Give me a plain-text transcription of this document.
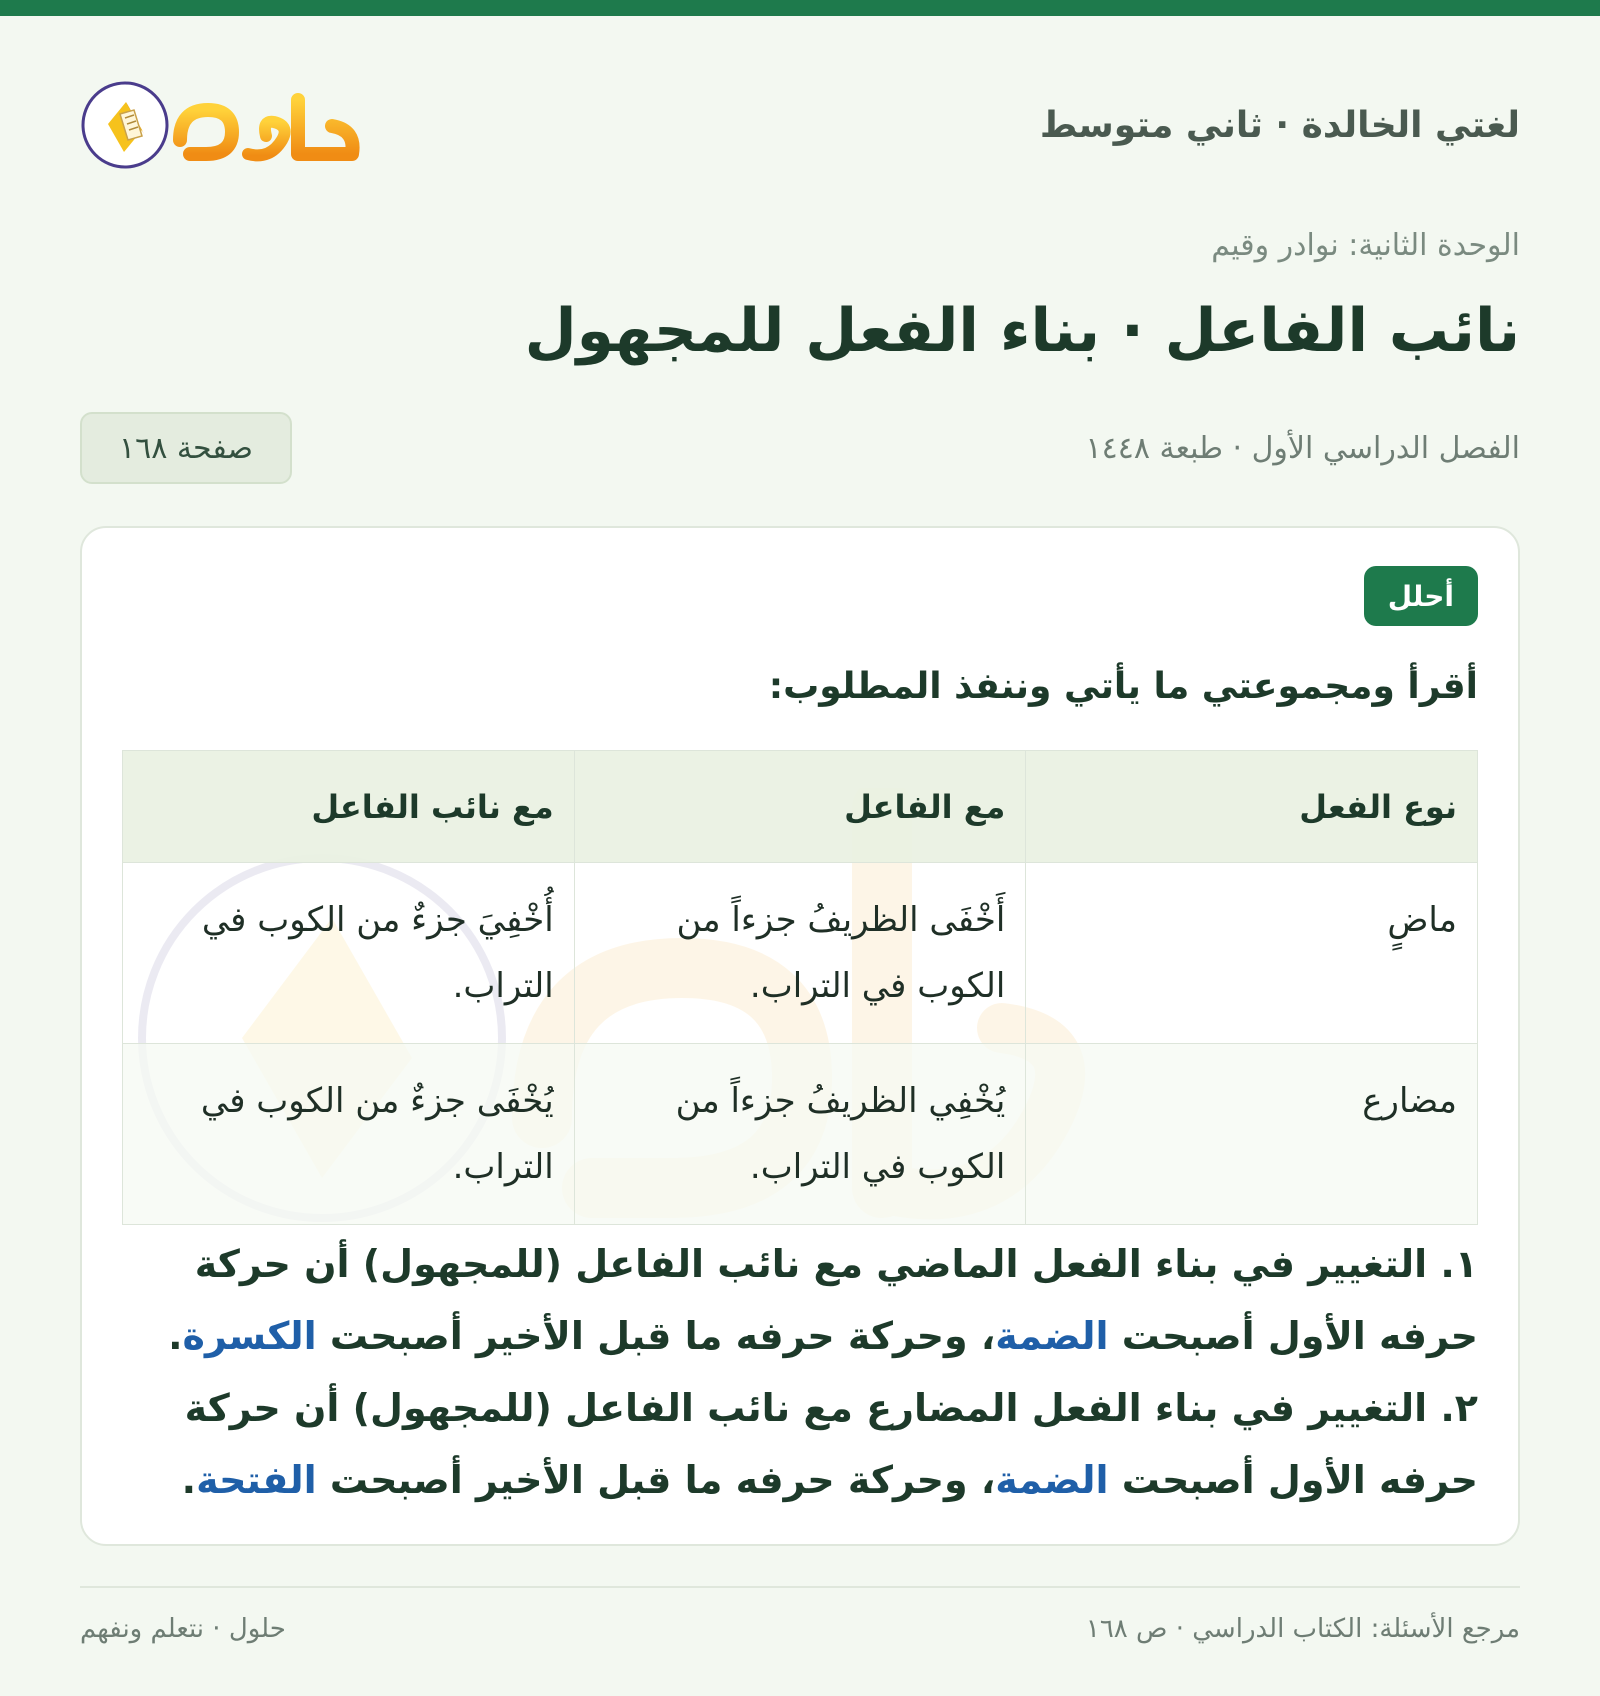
لغتي الخالدة · ثاني متوسط
الوحدة الثانية: نوادر وقيم
نائب الفاعل · بناء الفعل للمجهول
الفصل الدراسي الأول · طبعة ١٤٤٨
صفحة ١٦٨
أحلل
أقرأ ومجموعتي ما يأتي وننفذ المطلوب:
نوع الفعل	مع الفاعل	مع نائب الفاعل
ماضٍ	أَخْفَى الظريفُ جزءاً من الكوب في التراب.	أُخْفِيَ جزءٌ من الكوب في التراب.
مضارع	يُخْفِي الظريفُ جزءاً من الكوب في التراب.	يُخْفَى جزءٌ من الكوب في التراب.

١. التغيير في بناء الفعل الماضي مع نائب الفاعل (للمجهول) أن حركة حرفه الأول أصبحت الضمة، وحركة حرفه ما قبل الأخير أصبحت الكسرة.

٢. التغيير في بناء الفعل المضارع مع نائب الفاعل (للمجهول) أن حركة حرفه الأول أصبحت الضمة، وحركة حرفه ما قبل الأخير أصبحت الفتحة.

مرجع الأسئلة: الكتاب الدراسي · ص ١٦٨
حلول · نتعلم ونفهم
